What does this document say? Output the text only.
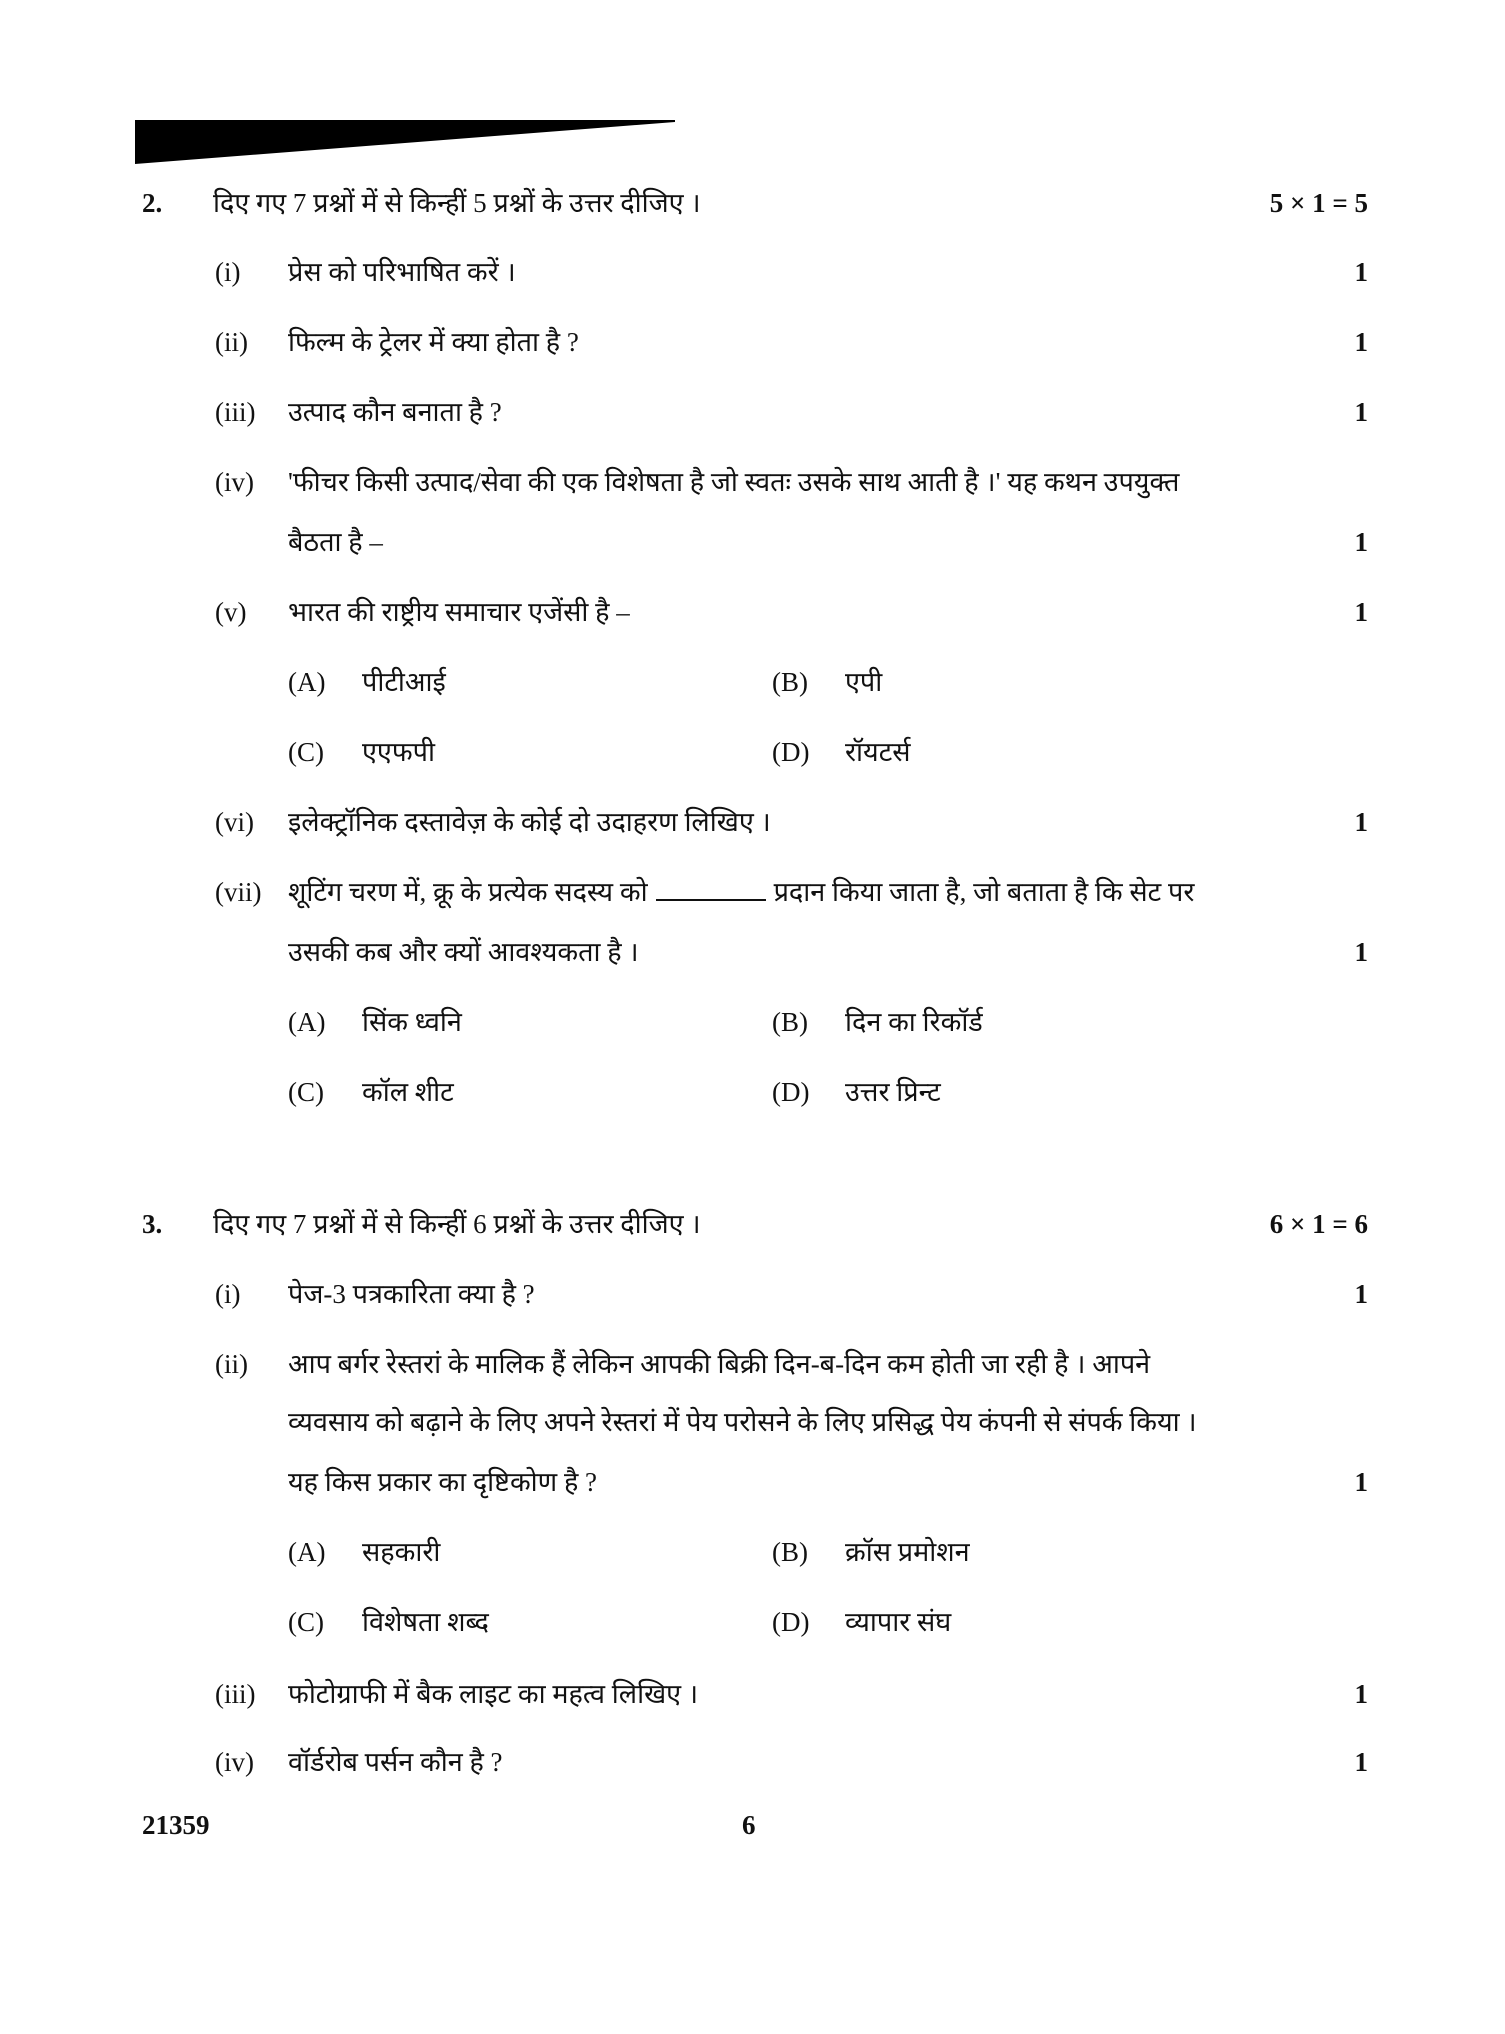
2. दिए गए 7 प्रश्नों में से किन्हीं 5 प्रश्नों के उत्तर दीजिए ।	5 × 1 = 5
(i) प्रेस को परिभाषित करें ।	1
(ii) फिल्म के ट्रेलर में क्या होता है ?	1
(iii) उत्पाद कौन बनाता है ?	1
(iv) 'फीचर किसी उत्पाद/सेवा की एक विशेषता है जो स्वतः उसके साथ आती है ।' यह कथन उपयुक्त
बैठता है –	1
(v) भारत की राष्ट्रीय समाचार एजेंसी है –	1
(A) पीटीआई	(B) एपी
(C) एएफपी	(D) रॉयटर्स
(vi) इलेक्ट्रॉनिक दस्तावेज़ के कोई दो उदाहरण लिखिए ।	1
(vii) शूटिंग चरण में, क्रू के प्रत्येक सदस्य को	प्रदान किया जाता है, जो बताता है कि सेट पर
उसकी कब और क्यों आवश्यकता है ।	1
(A) सिंक ध्वनि	(B) दिन का रिकॉर्ड
(C) कॉल शीट	(D) उत्तर प्रिन्ट
3. दिए गए 7 प्रश्नों में से किन्हीं 6 प्रश्नों के उत्तर दीजिए ।	6 × 1 = 6
(i) पेज-3 पत्रकारिता क्या है ?	1
(ii) आप बर्गर रेस्तरां के मालिक हैं लेकिन आपकी बिक्री दिन-ब-दिन कम होती जा रही है । आपने
व्यवसाय को बढ़ाने के लिए अपने रेस्तरां में पेय परोसने के लिए प्रसिद्ध पेय कंपनी से संपर्क किया ।
यह किस प्रकार का दृष्टिकोण है ?	1
(A) सहकारी	(B) क्रॉस प्रमोशन
(C) विशेषता शब्द	(D) व्यापार संघ
(iii) फोटोग्राफी में बैक लाइट का महत्व लिखिए ।	1
(iv) वॉर्डरोब पर्सन कौन है ?	1
21359	6
